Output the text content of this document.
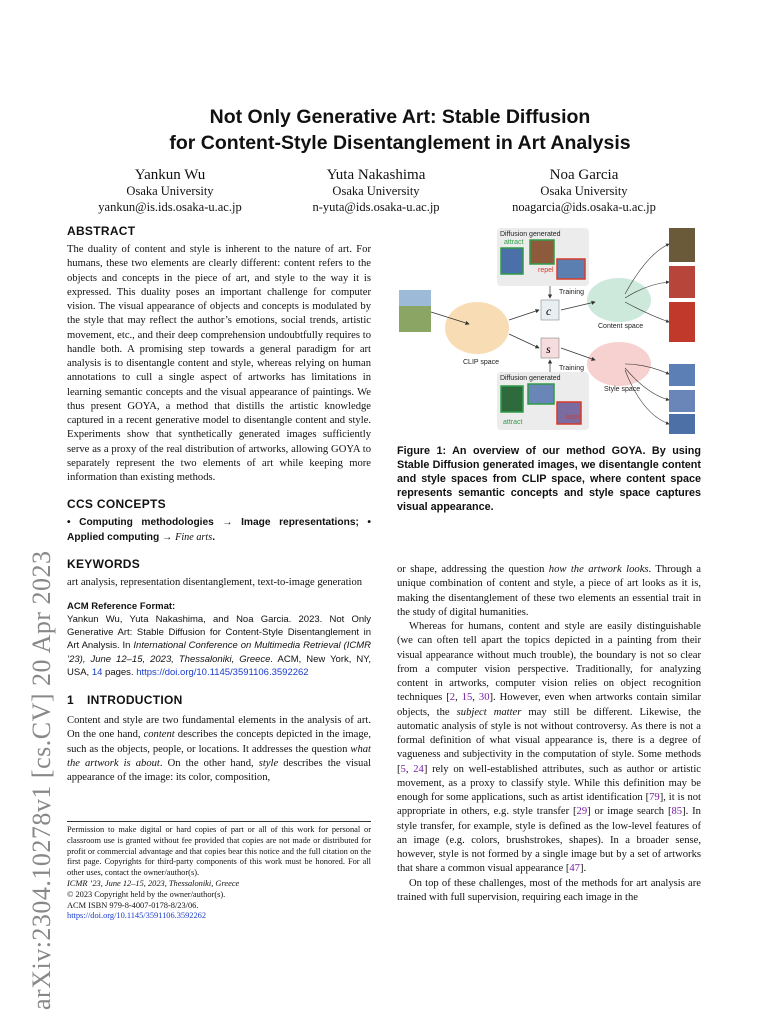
arXiv:2304.10278v1 [cs.CV] 20 Apr 2023
Not Only Generative Art: Stable Diffusion
for Content-Style Disentanglement in Art Analysis
Yankun Wu
Osaka University
yankun@is.ids.osaka-u.ac.jp
Yuta Nakashima
Osaka University
n-yuta@ids.osaka-u.ac.jp
Noa Garcia
Osaka University
noagarcia@ids.osaka-u.ac.jp
ABSTRACT

The duality of content and style is inherent to the nature of art. For humans, these two elements are clearly different: content refers to the objects and concepts in the piece of art, and style to the way it is expressed. This duality poses an important challenge for computer vision. The visual appearance of objects and concepts is modulated by the style that may reflect the author’s emotions, social trends, artistic movement, etc., and their deep comprehension undoubtfully requires to handle both. A promising step towards a general paradigm for art analysis is to disentangle content and style, whereas relying on human annotations to cull a single aspect of artworks has limitations in learning semantic concepts and the visual appearance of paintings. We thus present GOYA, a method that distills the artistic knowledge captured in a recent generative model to disentangle content and style. Experiments show that synthetically generated images sufficiently serve as a proxy of the real distribution of artworks, allowing GOYA to separately represent the two elements of art while keeping more information than existing methods.

CCS CONCEPTS

• Computing methodologies → Image representations; • Applied computing → Fine arts.

KEYWORDS

art analysis, representation disentanglement, text-to-image generation

ACM Reference Format:

Yankun Wu, Yuta Nakashima, and Noa Garcia. 2023. Not Only Generative Art: Stable Diffusion for Content-Style Disentanglement in Art Analysis. In International Conference on Multimedia Retrieval (ICMR ’23), June 12–15, 2023, Thessaloniki, Greece. ACM, New York, NY, USA, 14 pages. https://doi.org/10.1145/3591106.3592262

1 INTRODUCTION

Content and style are two fundamental elements in the analysis of art. On the one hand, content describes the concepts depicted in the image, such as the objects, people, or locations. It addresses the question what the artwork is about. On the other hand, style describes the visual appearance of the image: its color, composition,

Permission to make digital or hard copies of part or all of this work for personal or classroom use is granted without fee provided that copies are not made or distributed for profit or commercial advantage and that copies bear this notice and the full citation on the first page. Copyrights for third-party components of this work must be honored. For all other uses, contact the owner/author(s).

ICMR ’23, June 12–15, 2023, Thessaloniki, Greece

© 2023 Copyright held by the owner/author(s).

ACM ISBN 979-8-4007-0178-8/23/06.

https://doi.org/10.1145/3591106.3592262

Diffusion generated
Diffusion generated
attract
repel
attract
repel
CLIP space
Content space
Style space
c
s
Training
Training

Figure 1: An overview of our method GOYA. By using Stable Diffusion generated images, we disentangle content and style spaces from CLIP space, where content space represents semantic concepts and style space captures visual appearance.

or shape, addressing the question how the artwork looks. Through a unique combination of content and style, a piece of art looks as it is, making the disentanglement of these two elements an essential trait in the study of digital humanities.

Whereas for humans, content and style are easily distinguishable (we can often tell apart the topics depicted in a painting from their visual appearance without much trouble), the boundary is not so clear from a computer vision perspective. Traditionally, for analyzing content in artworks, computer vision relies on object recognition techniques [2, 15, 30]. However, even when artworks contain similar objects, the subject matter may still be different. Likewise, the automatic analysis of style is not without controversy. As there is not a formal definition of what visual appearance is, there is a degree of vagueness and subjectivity in the computation of style. Some methods [5, 24] rely on well-established attributes, such as author or artistic movement, as a proxy to classify style. While this definition may be enough for some applications, such as artist identification [79], it is not appropriate in others, e.g. style transfer [29] or image search [85]. In style transfer, for example, style is defined as the low-level features of an image (e.g. colors, brushstrokes, shapes). In a broader sense, however, style is not formed by a single image but by a set of artworks that share a common visual appearance [47].

On top of these challenges, most of the methods for art analysis are trained with full supervision, requiring each image in the
